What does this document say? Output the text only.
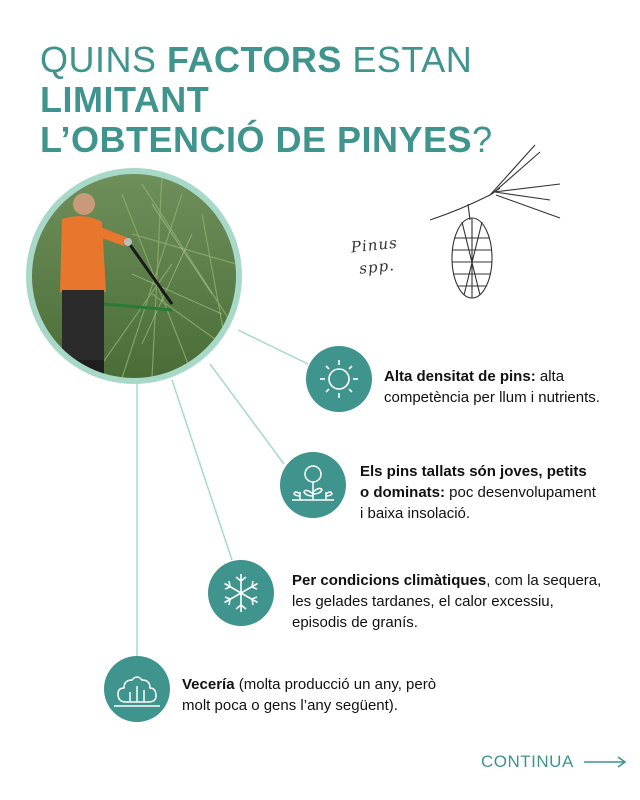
QUINS FACTORS ESTAN LIMITANT
L’OBTENCIÓ DE PINYES?
Pinus
spp.
Alta densitat de pins: alta competència per llum i nutrients.
Els pins tallats són joves, petits o dominats: poc desenvolupament i baixa insolació.
Per condicions climàtiques, com la sequera, les gelades tardanes, el calor excessiu, episodis de granís.
Vecería (molta producció un any, però molt poca o gens l’any següent).
CONTINUA
